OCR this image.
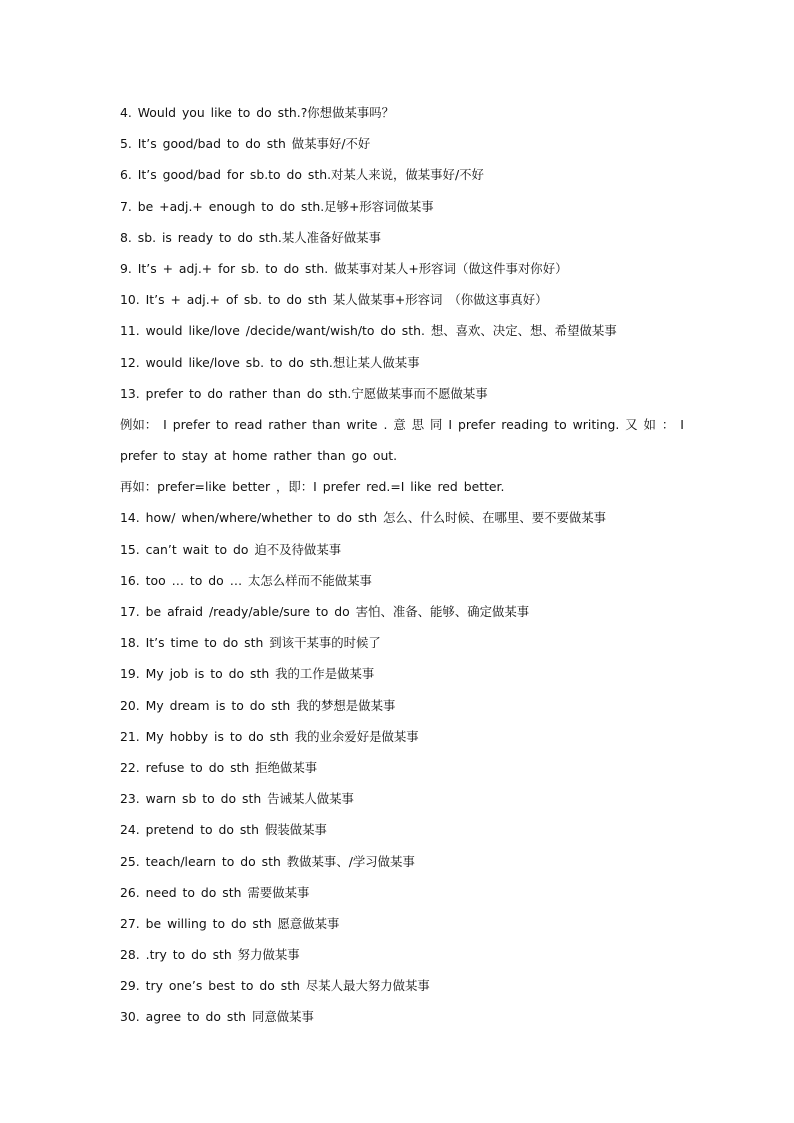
4. Would you like to do sth.?你想做某事吗？
5. It’s good/bad to do sth 做某事好/不好
6. It’s good/bad for sb.to do sth.对某人来说，做某事好/不好
7. be +adj.+ enough to do sth.足够+形容词做某事
8. sb. is ready to do sth.某人准备好做某事
9. It’s + adj.+ for sb. to do sth. 做某事对某人+形容词（做这件事对你好）
10. It’s + adj.+ of sb. to do sth 某人做某事+形容词 （你做这事真好）
11. would like/love /decide/want/wish/to do sth. 想、喜欢、决定、想、希望做某事
12. would like/love sb. to do sth.想让某人做某事
13. prefer to do rather than do sth.宁愿做某事而不愿做某事
例如： I prefer to read rather than write . 意 思 同 I prefer reading to writing. 又 如 ： I
prefer to stay at home rather than go out.
再如：prefer=like better ，即：I prefer red.=I like red better.
14. how/ when/where/whether to do sth 怎么、什么时候、在哪里、要不要做某事
15. can’t wait to do 迫不及待做某事
16. too … to do … 太怎么样而不能做某事
17. be afraid /ready/able/sure to do 害怕、准备、能够、确定做某事
18. It’s time to do sth 到该干某事的时候了
19. My job is to do sth 我的工作是做某事
20. My dream is to do sth 我的梦想是做某事
21. My hobby is to do sth 我的业余爱好是做某事
22. refuse to do sth 拒绝做某事
23. warn sb to do sth 告诫某人做某事
24. pretend to do sth 假装做某事
25. teach/learn to do sth 教做某事、/学习做某事
26. need to do sth 需要做某事
27. be willing to do sth 愿意做某事
28. .try to do sth 努力做某事
29. try one’s best to do sth 尽某人最大努力做某事
30. agree to do sth 同意做某事
